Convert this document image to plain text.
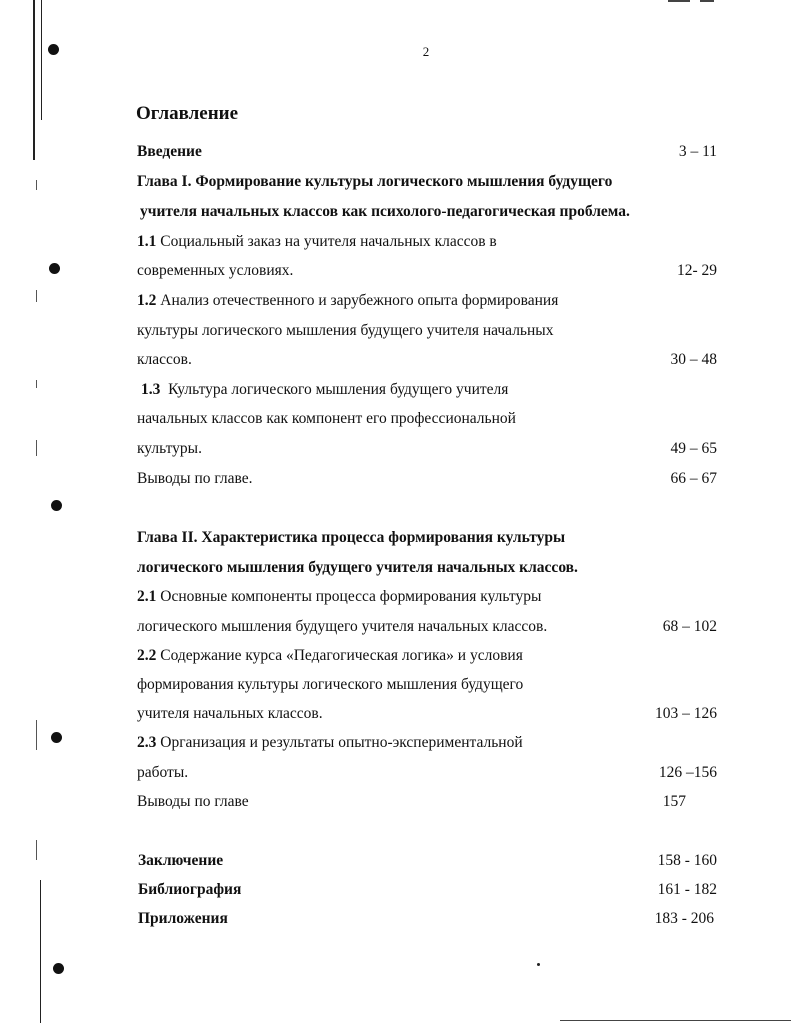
2
Оглавление
Введение	3 – 11
Глава I. Формирование культуры логического мышления будущего
учителя начальных классов как психолого-педагогическая проблема.
1.1 Социальный заказ на учителя начальных классов в
современных условиях.	12- 29
1.2 Анализ отечественного и зарубежного опыта формирования
культуры логического мышления будущего учителя начальных
классов.	30 – 48
1.3 Культура логического мышления будущего учителя
начальных классов как компонент его профессиональной
культуры.	49 – 65
Выводы по главе.	66 – 67
Глава II. Характеристика процесса формирования культуры
логического мышления будущего учителя начальных классов.
2.1 Основные компоненты процесса формирования культуры
логического мышления будущего учителя начальных классов.	68 – 102
2.2 Содержание курса «Педагогическая логика» и условия
формирования культуры логического мышления будущего
учителя начальных классов.	103 – 126
2.3 Организация и результаты опытно-экспериментальной
работы.	126 –156
Выводы по главе	157
Заключение	158 - 160
Библиография	161 - 182
Приложения	183 - 206
